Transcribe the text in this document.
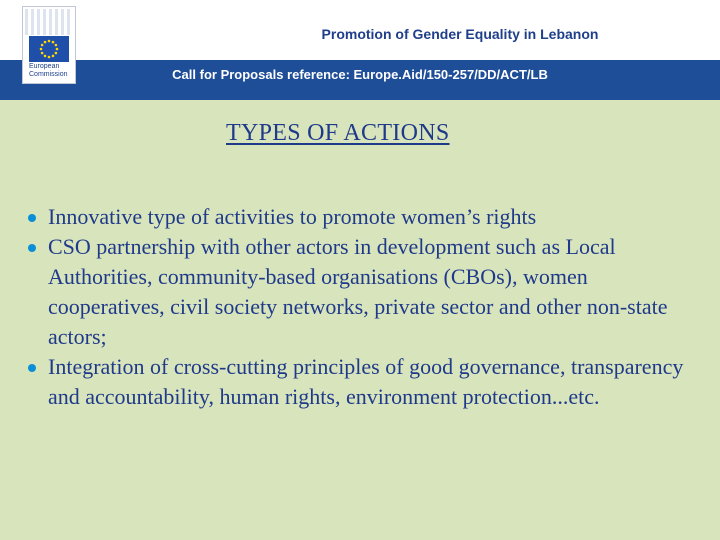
European
Commission
Promotion of Gender Equality in Lebanon
Call for Proposals reference: Europe.Aid/150-257/DD/ACT/LB
TYPES OF ACTIONS
Innovative type of activities to promote women’s rights
CSO partnership with other actors in development such as Local Authorities, community-based organisations (CBOs), women cooperatives, civil society networks, private sector and other non-state actors;
Integration of cross-cutting principles of good governance, transparency and accountability, human rights, environment protection...etc.
